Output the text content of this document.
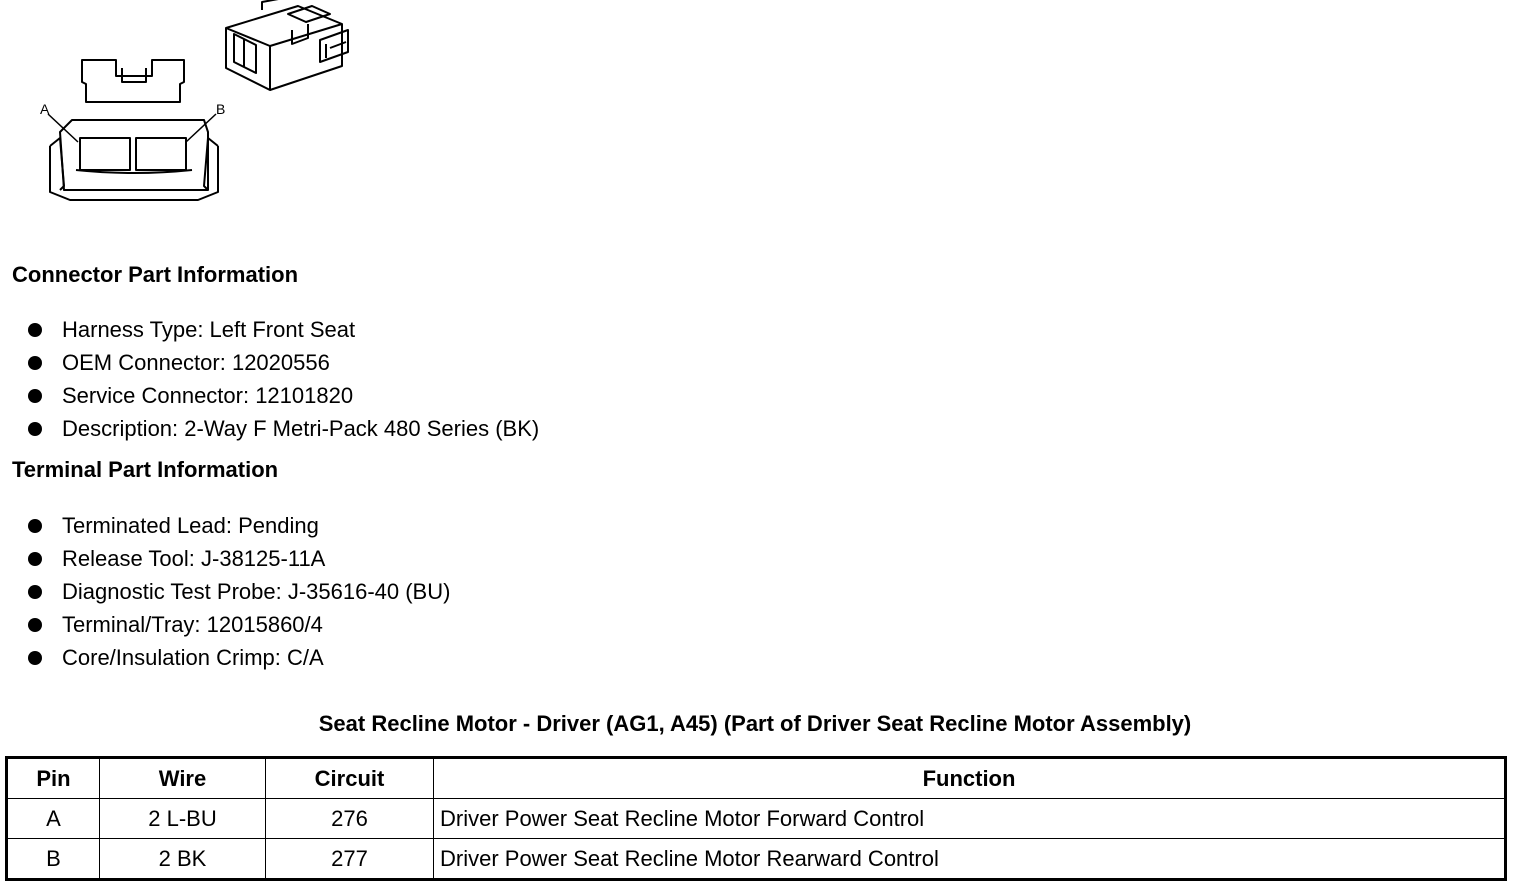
A	B
Connector Part Information
Harness Type: Left Front Seat
OEM Connector: 12020556
Service Connector: 12101820
Description: 2-Way F Metri-Pack 480 Series (BK)
Terminal Part Information
Terminated Lead: Pending
Release Tool: J-38125-11A
Diagnostic Test Probe: J-35616-40 (BU)
Terminal/Tray: 12015860/4
Core/Insulation Crimp: C/A
Seat Recline Motor - Driver (AG1, A45) (Part of Driver Seat Recline Motor Assembly)
Pin	Wire	Circuit	Function
A	2 L-BU	276	Driver Power Seat Recline Motor Forward Control
B	2 BK	277	Driver Power Seat Recline Motor Rearward Control
